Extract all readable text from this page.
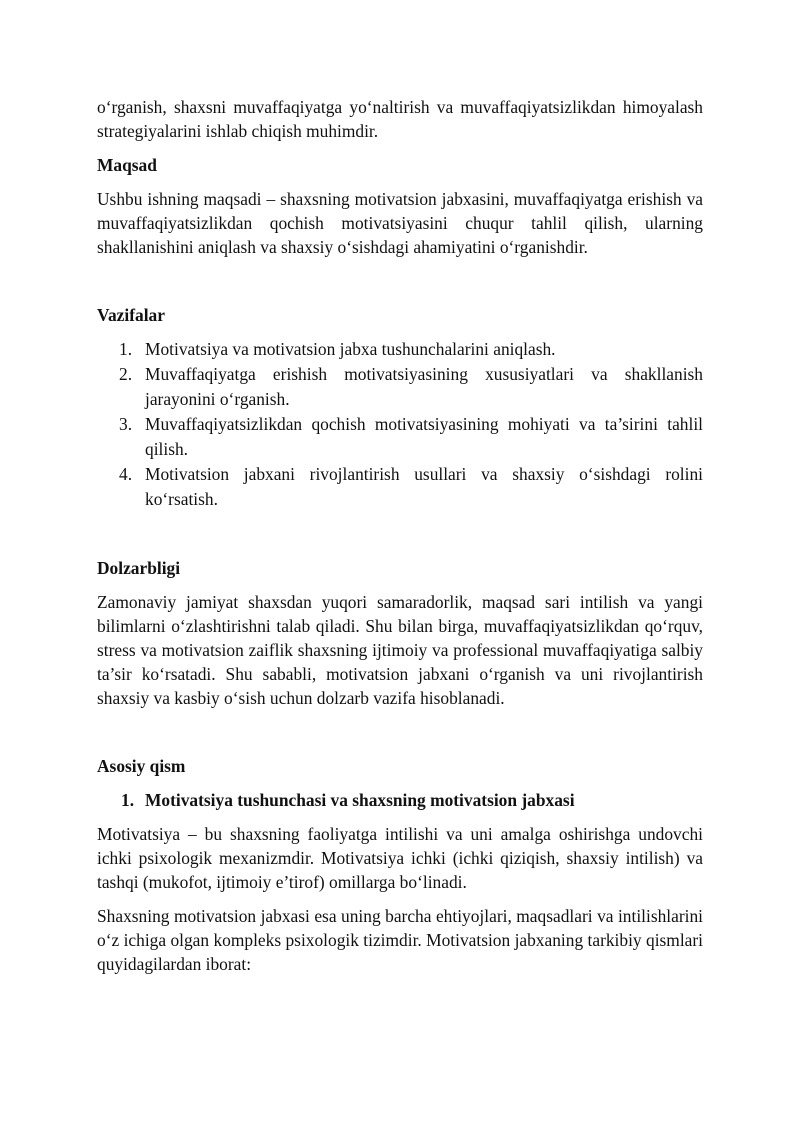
o‘rganish, shaxsni muvaffaqiyatga yo‘naltirish va muvaffaqiyatsizlikdan himoyalash strategiyalarini ishlab chiqish muhimdir.

Maqsad

Ushbu ishning maqsadi – shaxsning motivatsion jabxasini, muvaffaqiyatga erishish va muvaffaqiyatsizlikdan qochish motivatsiyasini chuqur tahlil qilish, ularning shakllanishini aniqlash va shaxsiy o‘sishdagi ahamiyatini o‘rganishdir.

Vazifalar
1. Motivatsiya va motivatsion jabxa tushunchalarini aniqlash.
2. Muvaffaqiyatga erishish motivatsiyasining xususiyatlari va shakllanish jarayonini o‘rganish.
3. Muvaffaqiyatsizlikdan qochish motivatsiyasining mohiyati va ta’sirini tahlil qilish.
4. Motivatsion jabxani rivojlantirish usullari va shaxsiy o‘sishdagi rolini ko‘rsatish.
Dolzarbligi

Zamonaviy jamiyat shaxsdan yuqori samaradorlik, maqsad sari intilish va yangi bilimlarni o‘zlashtirishni talab qiladi. Shu bilan birga, muvaffaqiyatsizlikdan qo‘rquv, stress va motivatsion zaiflik shaxsning ijtimoiy va professional muvaffaqiyatiga salbiy ta’sir ko‘rsatadi. Shu sababli, motivatsion jabxani o‘rganish va uni rivojlantirish shaxsiy va kasbiy o‘sish uchun dolzarb vazifa hisoblanadi.

Asosiy qism
1. Motivatsiya tushunchasi va shaxsning motivatsion jabxasi

Motivatsiya – bu shaxsning faoliyatga intilishi va uni amalga oshirishga undovchi ichki psixologik mexanizmdir. Motivatsiya ichki (ichki qiziqish, shaxsiy intilish) va tashqi (mukofot, ijtimoiy e’tirof) omillarga bo‘linadi.

Shaxsning motivatsion jabxasi esa uning barcha ehtiyojlari, maqsadlari va intilishlarini o‘z ichiga olgan kompleks psixologik tizimdir. Motivatsion jabxaning tarkibiy qismlari quyidagilardan iborat:
